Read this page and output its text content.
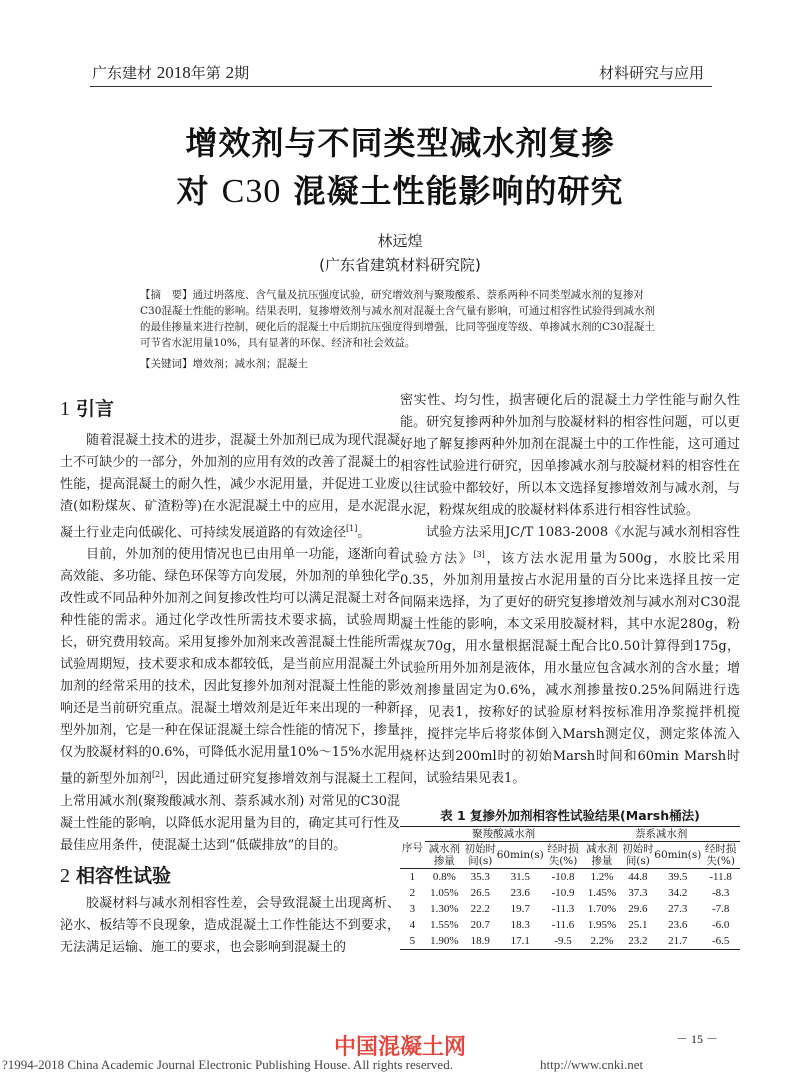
广东建材 2018年第 2期	材料研究与应用
增效剂与不同类型减水剂复掺
对 C30 混凝土性能影响的研究
林远煌
(广东省建筑材料研究院)
【摘　要】通过坍落度、含气量及抗压强度试验，研究增效剂与聚羧酸系、萘系两种不同类型减水剂的复掺对C30混凝土性能的影响。结果表明，复掺增效剂与减水剂对混凝土含气量有影响，可通过相容性试验得到减水剂的最佳掺量来进行控制，硬化后的混凝土中后期抗压强度得到增强，比同等强度等级、单掺减水剂的C30混凝土可节省水泥用量10%，具有显著的环保、经济和社会效益。
【关键词】增效剂；减水剂；混凝土
1 引言

随着混凝土技术的进步，混凝土外加剂已成为现代混凝土不可缺少的一部分，外加剂的应用有效的改善了混凝土的性能，提高混凝土的耐久性，减少水泥用量，并促进工业废渣(如粉煤灰、矿渣粉等)在水泥混凝土中的应用，是水泥混凝土行业走向低碳化、可持续发展道路的有效途径[1]。

目前，外加剂的使用情况也已由用单一功能，逐渐向着高效能、多功能、绿色环保等方向发展，外加剂的单独化学改性或不同品种外加剂之间复掺改性均可以满足混凝土对各种性能的需求。通过化学改性所需技术要求搞，试验周期长，研究费用较高。采用复掺外加剂来改善混凝土性能所需试验周期短，技术要求和成本都较低，是当前应用混凝土外加剂的经常采用的技术，因此复掺外加剂对混凝土性能的影响还是当前研究重点。混凝土增效剂是近年来出现的一种新型外加剂，它是一种在保证混凝土综合性能的情况下，掺量仅为胶凝材料的0.6%，可降低水泥用量10%～15%水泥用量的新型外加剂[2]，因此通过研究复掺增效剂与混凝土工程上常用减水剂(聚羧酸减水剂、萘系减水剂) 对常见的C30混凝土性能的影响，以降低水泥用量为目的，确定其可行性及最佳应用条件，使混凝土达到“低碳排放”的目的。

2 相容性试验

胶凝材料与减水剂相容性差，会导致混凝土出现离析、泌水、板结等不良现象，造成混凝土工作性能达不到要求，无法满足运输、施工的要求，也会影响到混凝土的

密实性、均匀性，损害硬化后的混凝土力学性能与耐久性能。研究复掺两种外加剂与胶凝材料的相容性问题，可以更好地了解复掺两种外加剂在混凝土中的工作性能，这可通过相容性试验进行研究，因单掺减水剂与胶凝材料的相容性在以往试验中都较好，所以本文选择复掺增效剂与减水剂，与水泥，粉煤灰组成的胶凝材料体系进行相容性试验。

试验方法采用JC/T 1083-2008《水泥与减水剂相容性试验方法》[3]，该方法水泥用量为500g，水胶比采用0.35，外加剂用量按占水泥用量的百分比来选择且按一定间隔来选择，为了更好的研究复掺增效剂与减水剂对C30混凝土性能的影响，本文采用胶凝材料，其中水泥280g，粉煤灰70g，用水量根据混凝土配合比0.50计算得到175g，试验所用外加剂是液体，用水量应包含减水剂的含水量；增效剂掺量固定为0.6%，减水剂掺量按0.25%间隔进行选择，见表1，按称好的试验原材料按标准用净浆搅拌机搅拌，搅拌完毕后将浆体倒入Marsh测定仪，测定浆体流入烧杯达到200ml时的初始Marsh时间和60min Marsh时间，试验结果见表1。

表 1 复掺外加剂相容性试验结果(Marsh桶法)
序号	聚羧酸减水剂				萘系减水剂			
	减水剂掺量	初始时间(s)	60min(s)	经时损失(%)	减水剂掺量	初始时间(s)	60min(s)	经时损失(%)
1	0.8%	35.3	31.5	-10.8	1.2%	44.8	39.5	-11.8
2	1.05%	26.5	23.6	-10.9	1.45%	37.3	34.2	-8.3
3	1.30%	22.2	19.7	-11.3	1.70%	29.6	27.3	-7.8
4	1.55%	20.7	18.3	-11.6	1.95%	25.1	23.6	-6.0
5	1.90%	18.9	17.1	-9.5	2.2%	23.2	21.7	-6.5
中国混凝土网	－ 15 －
?1994-2018 China Academic Journal Electronic Publishing House. All rights reserved.	http://www.cnki.net
